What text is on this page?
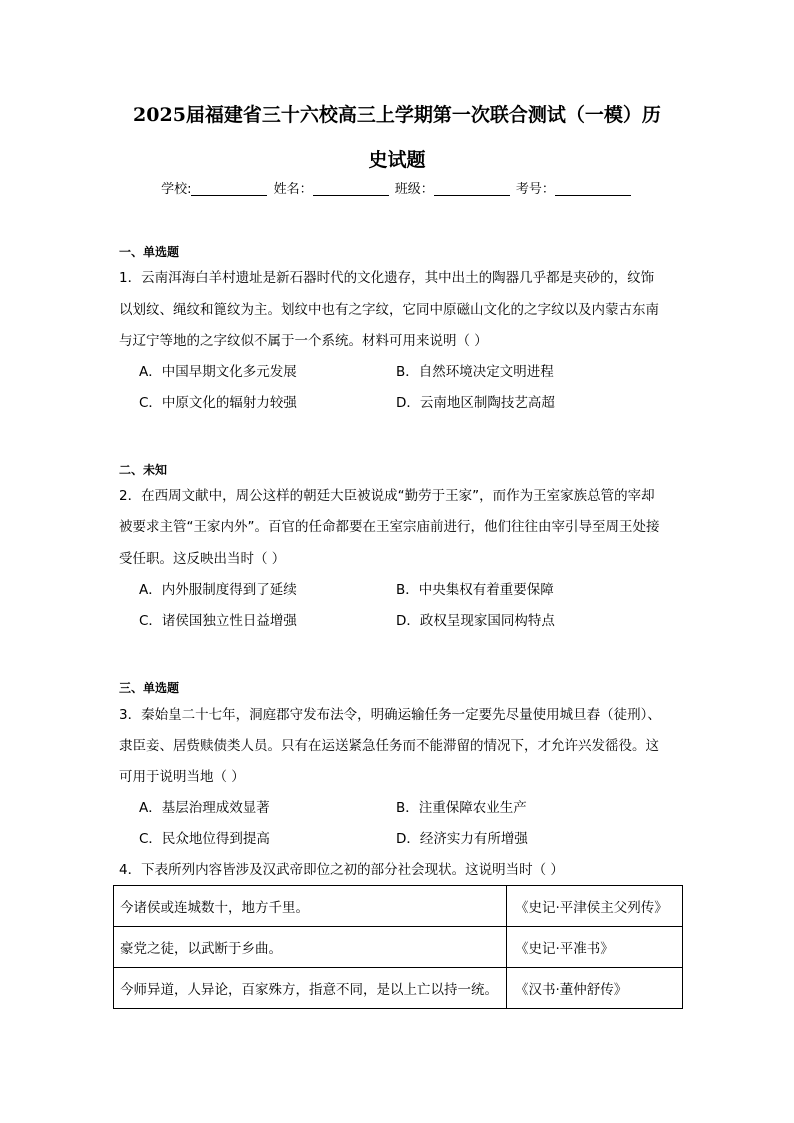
2025届福建省三十六校高三上学期第一次联合测试（一模）历
史试题
学校:	姓名：	班级：	考号：
一、单选题
1．云南洱海白羊村遗址是新石器时代的文化遗存，其中出土的陶器几乎都是夹砂的，纹饰
以划纹、绳纹和篦纹为主。划纹中也有之字纹，它同中原磁山文化的之字纹以及内蒙古东南
与辽宁等地的之字纹似不属于一个系统。材料可用来说明（ ）
A．中国早期文化多元发展	B．自然环境决定文明进程
C．中原文化的辐射力较强	D．云南地区制陶技艺高超
二、未知
2．在西周文献中，周公这样的朝廷大臣被说成“勤劳于王家”，而作为王室家族总管的宰却
被要求主管“王家内外”。百官的任命都要在王室宗庙前进行，他们往往由宰引导至周王处接
受任职。这反映出当时（ ）
A．内外服制度得到了延续	B．中央集权有着重要保障
C．诸侯国独立性日益增强	D．政权呈现家国同构特点
三、单选题
3．秦始皇二十七年，洞庭郡守发布法令，明确运输任务一定要先尽量使用城旦舂（徒刑）、
隶臣妾、居赀赎债类人员。只有在运送紧急任务而不能滞留的情况下，才允许兴发徭役。这
可用于说明当地（ ）
A．基层治理成效显著	B．注重保障农业生产
C．民众地位得到提高	D．经济实力有所增强
4．下表所列内容皆涉及汉武帝即位之初的部分社会现状。这说明当时（ ）
今诸侯或连城数十，地方千里。	《史记·平津侯主父列传》
豪党之徒，以武断于乡曲。	《史记·平准书》
今师异道，人异论，百家殊方，指意不同，是以上亡以持一统。	《汉书·董仲舒传》
